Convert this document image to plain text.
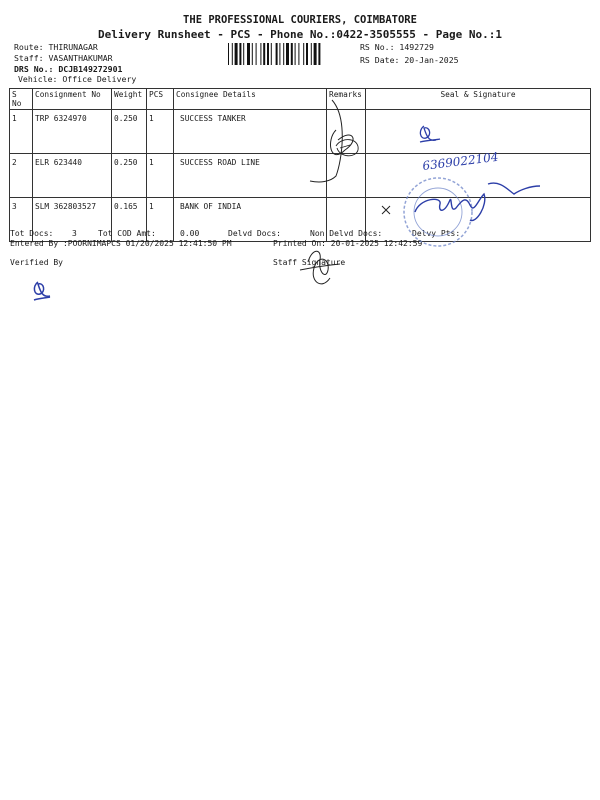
THE PROFESSIONAL COURIERS, COIMBATORE
Delivery Runsheet - PCS - Phone No.:0422-3505555 - Page No.:1
Route: THIRUNAGAR
Staff: VASANTHAKUMAR
DRS No.: DCJB149272901
Vehicle: Office Delivery
RS No.: 1492729
RS Date: 20-Jan-2025
S No	Consignment No	Weight	PCS	Consignee Details	Remarks	Seal & Signature
1	TRP 6324970	0.250	1	SUCCESS TANKER		
2	ELR 623440	0.250	1	SUCCESS ROAD LINE		
3	SLM 362803527	0.165	1	BANK OF INDIA		
Tot Docs: 3	Tot COD Amt:	0.00	Delvd Docs:	Non Delvd Docs:	Delvy Pts:
Entered By :POORNIMAPCS 01/20/2025 12:41:50 PM	Printed On: 20-01-2025 12:42:59
Verified By	Staff Signature
6369022104
